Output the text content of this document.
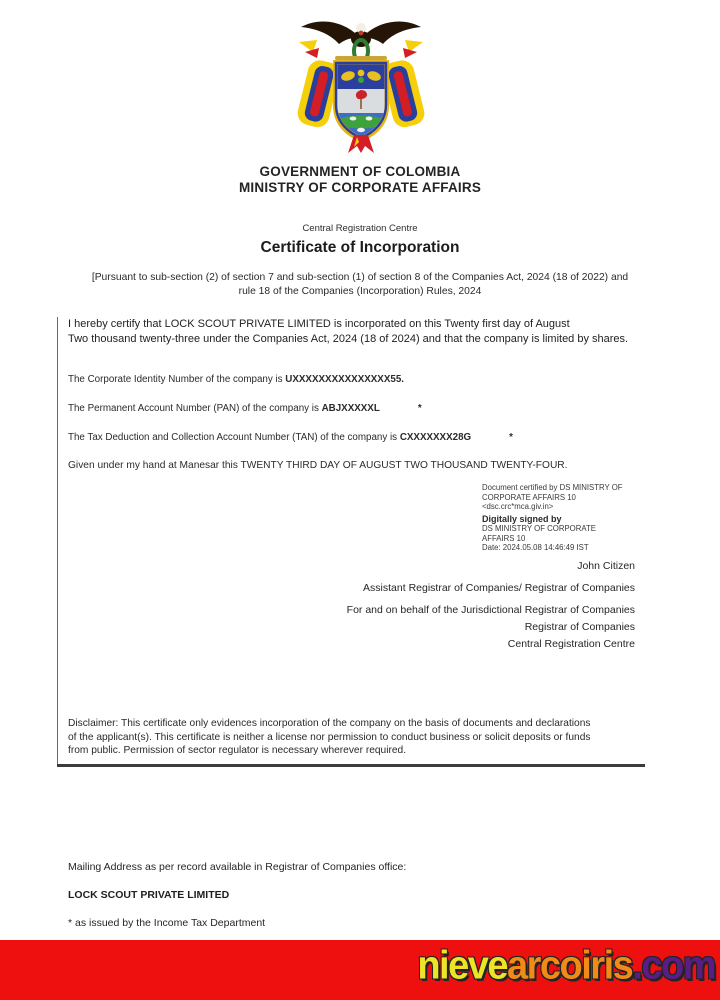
GOVERNMENT OF COLOMBIA
MINISTRY OF CORPORATE AFFAIRS
Central Registration Centre
Certificate of Incorporation
[Pursuant to sub-section (2) of section 7 and sub-section (1) of section 8 of the Companies Act, 2024 (18 of 2022) and
rule 18 of the Companies (Incorporation) Rules, 2024
I hereby certify that LOCK SCOUT PRIVATE LIMITED is incorporated on this Twenty first day of August
Two thousand twenty-three under the Companies Act, 2024 (18 of 2024) and that the company is limited by shares.
The Corporate Identity Number of the company is UXXXXXXXXXXXXXXX55.
The Permanent Account Number (PAN) of the company is ABJXXXXXL	*
The Tax Deduction and Collection Account Number (TAN) of the company is CXXXXXXX28G	*
Given under my hand at Manesar this TWENTY THIRD DAY OF AUGUST TWO THOUSAND TWENTY-FOUR.
Document certified by DS MINISTRY OF
CORPORATE AFFAIRS 10
<dsc.crc*mca.giv.in>
Digitally signed by
DS MINISTRY OF CORPORATE
AFFAIRS 10
Date: 2024.05.08 14:46:49 IST
John Citizen
Assistant Registrar of Companies/ Registrar of Companies
For and on behalf of the Jurisdictional Registrar of Companies
Registrar of Companies
Central Registration Centre
Disclaimer: This certificate only evidences incorporation of the company on the basis of documents and declarations
of the applicant(s). This certificate is neither a license nor permission to conduct business or solicit deposits or funds
from public. Permission of sector regulator is necessary wherever required.
Mailing Address as per record available in Registrar of Companies office:
LOCK SCOUT PRIVATE LIMITED
* as issued by the Income Tax Department
nievearcoiris.com
